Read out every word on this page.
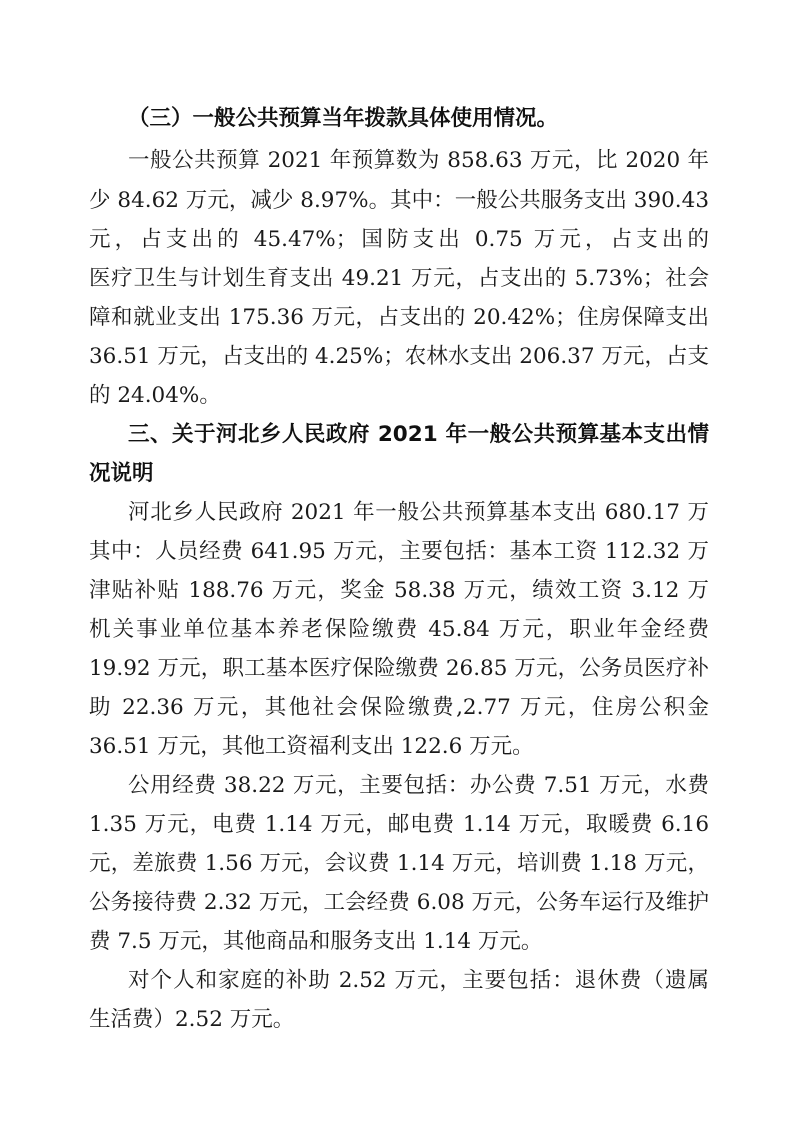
（三）一般公共预算当年拨款具体使用情况。
一般公共预算 2021 年预算数为 858.63 万元，比 2020 年
少 84.62 万元，减少 8.97%。其中：一般公共服务支出 390.43
元，占支出的 45.47%；国防支出 0.75 万元，占支出的
医疗卫生与计划生育支出 49.21 万元，占支出的 5.73%；社会
障和就业支出 175.36 万元，占支出的 20.42%；住房保障支出
36.51 万元，占支出的 4.25%；农林水支出 206.37 万元，占支
的 24.04%。
三、关于河北乡人民政府 2021 年一般公共预算基本支出情
况说明
河北乡人民政府 2021 年一般公共预算基本支出 680.17 万
其中：人员经费 641.95 万元，主要包括：基本工资 112.32 万
津贴补贴 188.76 万元，奖金 58.38 万元，绩效工资 3.12 万
机关事业单位基本养老保险缴费 45.84 万元，职业年金经费
19.92 万元，职工基本医疗保险缴费 26.85 万元，公务员医疗补
助 22.36 万元，其他社会保险缴费,2.77 万元，住房公积金
36.51 万元，其他工资福利支出 122.6 万元。
公用经费 38.22 万元，主要包括：办公费 7.51 万元，水费
1.35 万元，电费 1.14 万元，邮电费 1.14 万元，取暖费 6.16
元，差旅费 1.56 万元，会议费 1.14 万元，培训费 1.18 万元，
公务接待费 2.32 万元，工会经费 6.08 万元，公务车运行及维护
费 7.5 万元，其他商品和服务支出 1.14 万元。
对个人和家庭的补助 2.52 万元，主要包括：退休费（遗属
生活费）2.52 万元。
